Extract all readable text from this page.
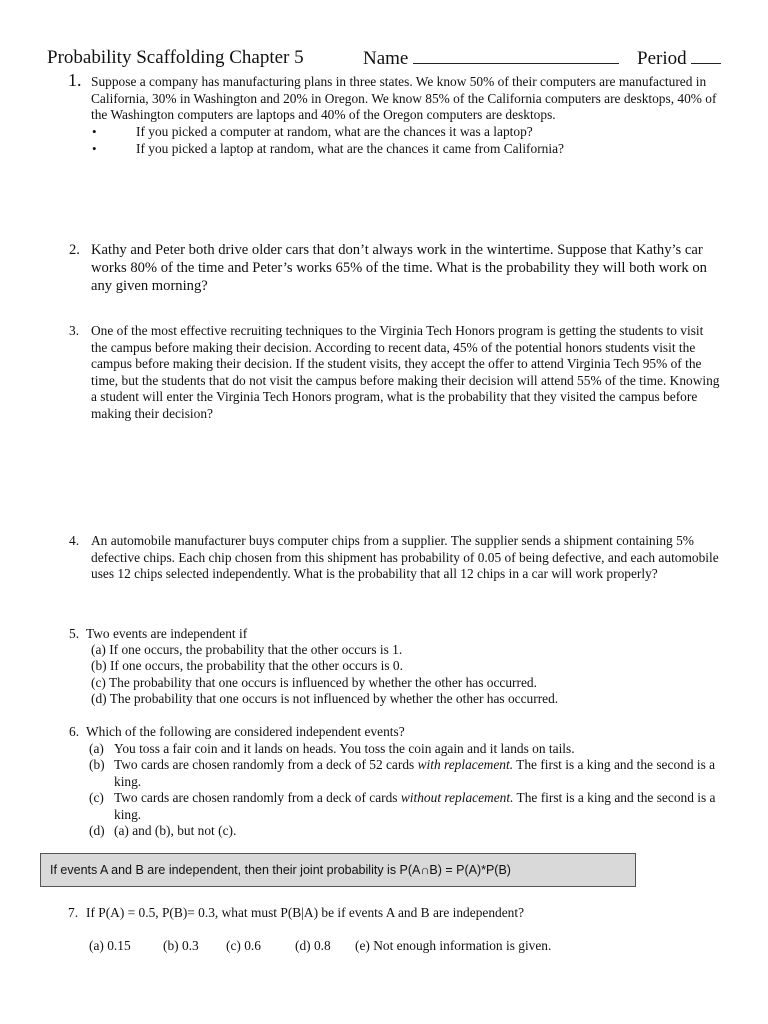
Probability Scaffolding Chapter 5	Name	Period
1. Suppose a company has manufacturing plans in three states. We know 50% of their computers are manufactured in California, 30% in Washington and 20% in Oregon. We know 85% of the California computers are desktops, 40% of the Washington computers are laptops and 40% of the Oregon computers are desktops.
•	If you picked a computer at random, what are the chances it was a laptop?
•	If you picked a laptop at random, what are the chances it came from California?
2. Kathy and Peter both drive older cars that don’t always work in the wintertime. Suppose that Kathy’s car works 80% of the time and Peter’s works 65% of the time. What is the probability they will both work on any given morning?
3. One of the most effective recruiting techniques to the Virginia Tech Honors program is getting the students to visit the campus before making their decision. According to recent data, 45% of the potential honors students visit the campus before making their decision. If the student visits, they accept the offer to attend Virginia Tech 95% of the time, but the students that do not visit the campus before making their decision will attend 55% of the time. Knowing a student will enter the Virginia Tech Honors program, what is the probability that they visited the campus before making their decision?
4. An automobile manufacturer buys computer chips from a supplier. The supplier sends a shipment containing 5% defective chips. Each chip chosen from this shipment has probability of 0.05 of being defective, and each automobile uses 12 chips selected independently. What is the probability that all 12 chips in a car will work properly?
5. Two events are independent if
(a) If one occurs, the probability that the other occurs is 1.
(b) If one occurs, the probability that the other occurs is 0.
(c) The probability that one occurs is influenced by whether the other has occurred.
(d) The probability that one occurs is not influenced by whether the other has occurred.
6. Which of the following are considered independent events?
(a) You toss a fair coin and it lands on heads. You toss the coin again and it lands on tails.
(b) Two cards are chosen randomly from a deck of 52 cards with replacement. The first is a king and the second is a king.
(c) Two cards are chosen randomly from a deck of cards without replacement. The first is a king and the second is a king.
(d) (a) and (b), but not (c).
If events A and B are independent, then their joint probability is P(A∩B) = P(A)*P(B)
7. If P(A) = 0.5, P(B)= 0.3, what must P(B|A) be if events A and B are independent?
(a) 0.15 (b) 0.3 (c) 0.6	(d) 0.8 (e) Not enough information is given.
